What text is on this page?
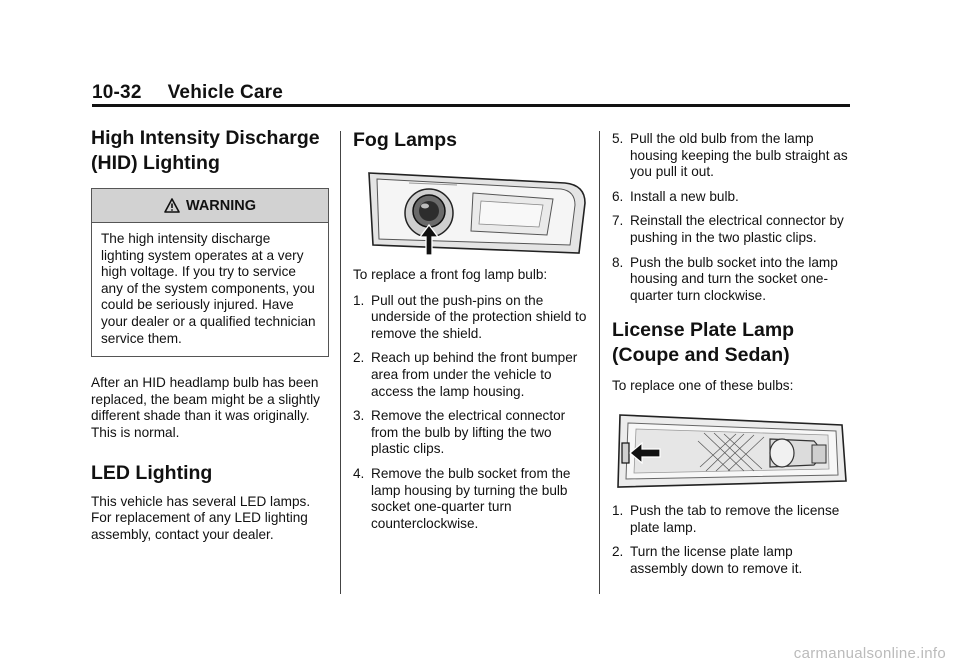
10-32 Vehicle Care
High Intensity Discharge (HID) Lighting
WARNING
The high intensity discharge lighting system operates at a very high voltage. If you try to service any of the system components, you could be seriously injured. Have your dealer or a qualified technician service them.

After an HID headlamp bulb has been replaced, the beam might be a slightly different shade than it was originally. This is normal.

LED Lighting

This vehicle has several LED lamps. For replacement of any LED lighting assembly, contact your dealer.

Fog Lamps

To replace a front fog lamp bulb:

1. Pull out the push-pins on the underside of the protection shield to remove the shield.
2. Reach up behind the front bumper area from under the vehicle to access the lamp housing.
3. Remove the electrical connector from the bulb by lifting the two plastic clips.
4. Remove the bulb socket from the lamp housing by turning the bulb socket one-quarter turn counterclockwise.
5. Pull the old bulb from the lamp housing keeping the bulb straight as you pull it out.
6. Install a new bulb.
7. Reinstall the electrical connector by pushing in the two plastic clips.
8. Push the bulb socket into the lamp housing and turn the socket one-quarter turn clockwise.
License Plate Lamp (Coupe and Sedan)

To replace one of these bulbs:

1. Push the tab to remove the license plate lamp.
2. Turn the license plate lamp assembly down to remove it.
carmanualsonline.info
